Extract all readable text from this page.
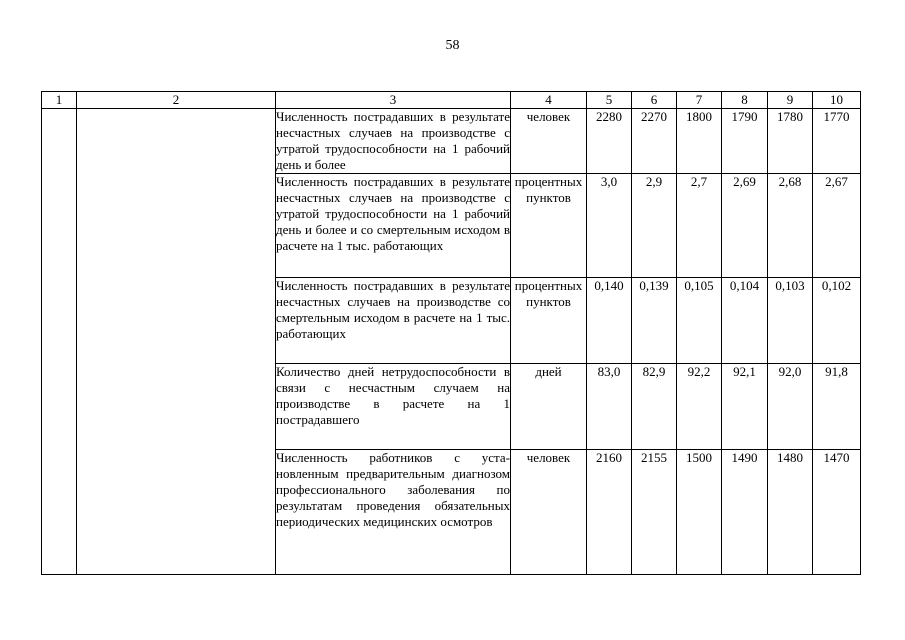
58
1	2	3	4	5	6	7	8	9	10
		Численность пострадавших в результате несчастных случаев на производстве с утратой трудоспособности на 1 рабочий день и более	человек	2280	2270	1800	1790	1780	1770
		Численность пострадавших в результате несчастных случаев на производстве с утратой трудоспособности на 1 рабочий день и более и со смертельным исходом в расчете на 1 тыс. работающих	процентных пунктов	3,0	2,9	2,7	2,69	2,68	2,67
		Численность пострадавших в результате несчастных случаев на производстве со смертельным исходом в расчете на 1 тыс. работающих	процентных пунктов	0,140	0,139	0,105	0,104	0,103	0,102
		Количество дней нетрудоспособности в связи с несчастным случаем на производстве в расчете на 1 пострадавшего	дней	83,0	82,9	92,2	92,1	92,0	91,8
		Численность работников с установленным предварительным диагнозом профессионального заболевания по результатам проведения обязательных периодических медицинских осмотров	человек	2160	2155	1500	1490	1480	1470
